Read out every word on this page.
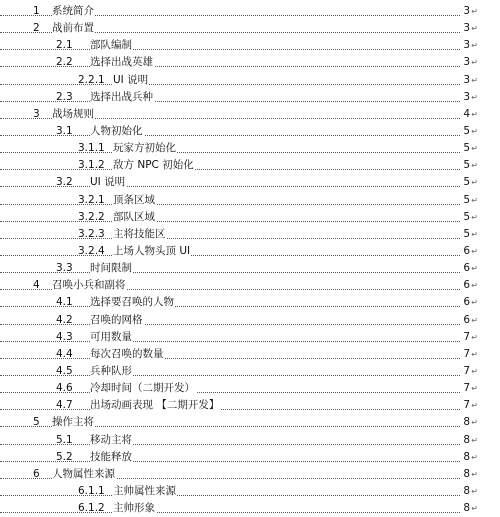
1 系统简介	3 ↵
2 战前布置	3 ↵
2.1 部队编制	3 ↵
2.2 选择出战英雄	3 ↵
2.2.1 UI 说明	3 ↵
2.3 选择出战兵种	3 ↵
3 战场规则	4 ↵
3.1 人物初始化	5 ↵
3.1.1 玩家方初始化	5 ↵
3.1.2 敌方 NPC 初始化	5 ↵
3.2 UI 说明	5 ↵
3.2.1 顶条区域	5 ↵
3.2.2 部队区域	5 ↵
3.2.3 主将技能区	5 ↵
3.2.4 上场人物头顶 UI	6 ↵
3.3 时间限制	6 ↵
4 召唤小兵和副将	6 ↵
4.1 选择要召唤的人物	6 ↵
4.2 召唤的网格	6 ↵
4.3 可用数量	7 ↵
4.4 每次召唤的数量	7 ↵
4.5 兵种队形	7 ↵
4.6 冷却时间（二期开发）	7 ↵
4.7 出场动画表现 【二期开发】	7 ↵
5 操作主将	8 ↵
5.1 移动主将	8 ↵
5.2 技能释放	8 ↵
6 人物属性来源	8 ↵
6.1.1 主帅属性来源	8 ↵
6.1.2 主帅形象	8 ↵
